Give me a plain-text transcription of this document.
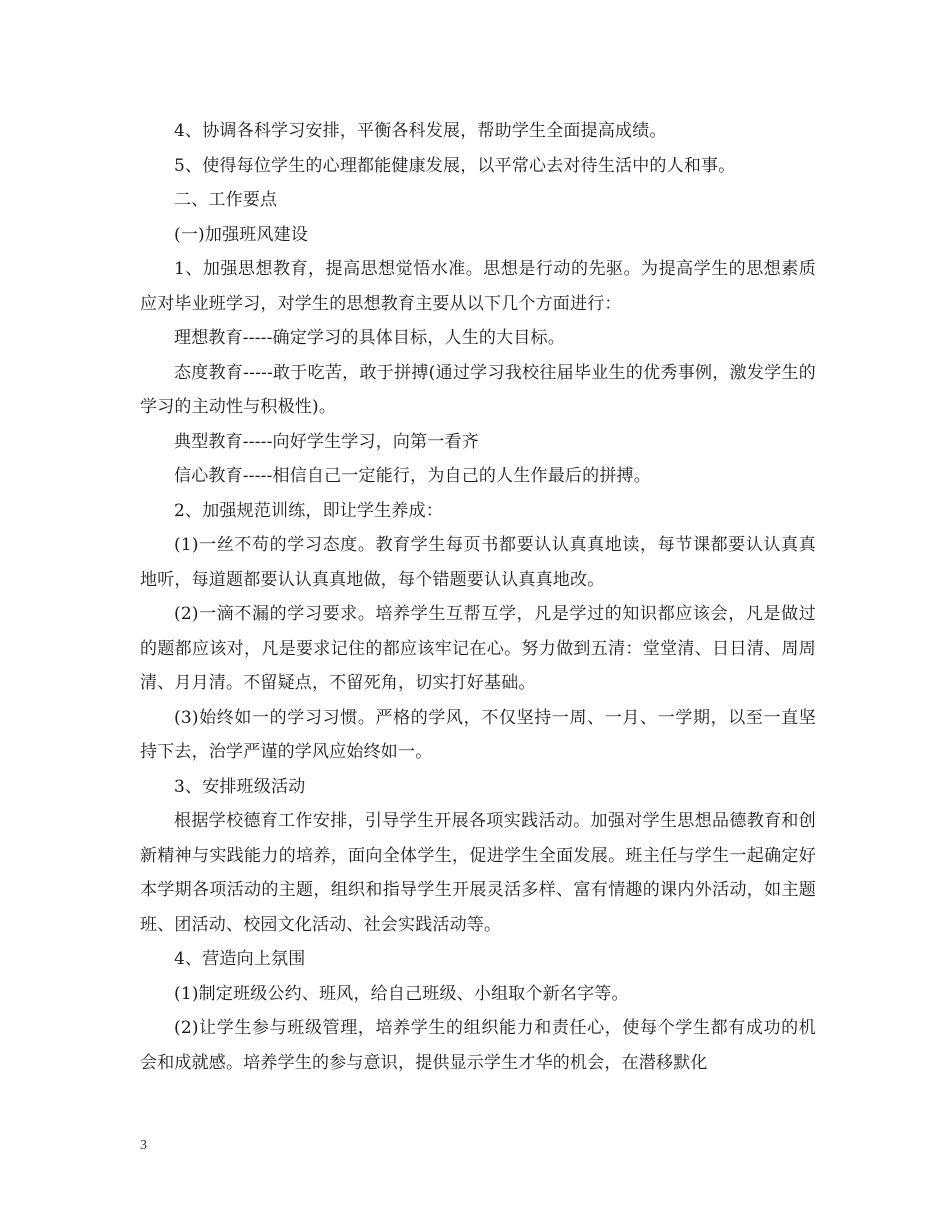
4、协调各科学习安排，平衡各科发展，帮助学生全面提高成绩。

5、使得每位学生的心理都能健康发展，以平常心去对待生活中的人和事。

二、工作要点

(一)加强班风建设

1、加强思想教育，提高思想觉悟水准。思想是行动的先驱。为提高学生的思想素质应对毕业班学习，对学生的思想教育主要从以下几个方面进行：

理想教育-----确定学习的具体目标，人生的大目标。

态度教育-----敢于吃苦，敢于拼搏(通过学习我校往届毕业生的优秀事例，激发学生的学习的主动性与积极性)。

典型教育-----向好学生学习，向第一看齐

信心教育-----相信自己一定能行，为自己的人生作最后的拼搏。

2、加强规范训练，即让学生养成：

(1)一丝不苟的学习态度。教育学生每页书都要认认真真地读，每节课都要认认真真地听，每道题都要认认真真地做，每个错题要认认真真地改。

(2)一滴不漏的学习要求。培养学生互帮互学，凡是学过的知识都应该会，凡是做过的题都应该对，凡是要求记住的都应该牢记在心。努力做到五清：堂堂清、日日清、周周清、月月清。不留疑点，不留死角，切实打好基础。

(3)始终如一的学习习惯。严格的学风，不仅坚持一周、一月、一学期，以至一直坚持下去，治学严谨的学风应始终如一。

3、安排班级活动

根据学校德育工作安排，引导学生开展各项实践活动。加强对学生思想品德教育和创新精神与实践能力的培养，面向全体学生，促进学生全面发展。班主任与学生一起确定好本学期各项活动的主题，组织和指导学生开展灵活多样、富有情趣的课内外活动，如主题班、团活动、校园文化活动、社会实践活动等。

4、营造向上氛围

(1)制定班级公约、班风，给自己班级、小组取个新名字等。

(2)让学生参与班级管理，培养学生的组织能力和责任心，使每个学生都有成功的机会和成就感。培养学生的参与意识，提供显示学生才华的机会，在潜移默化

3
